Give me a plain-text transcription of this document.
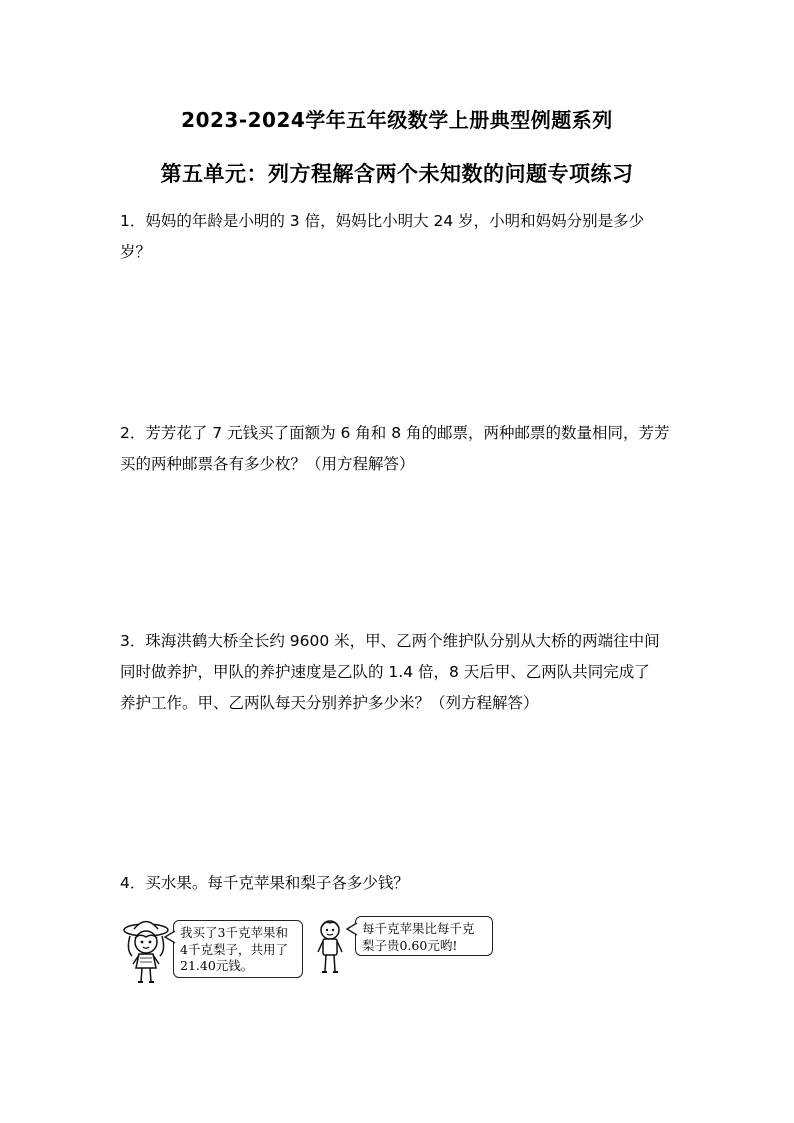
2023-2024学年五年级数学上册典型例题系列
第五单元：列方程解含两个未知数的问题专项练习
1．妈妈的年龄是小明的 3 倍，妈妈比小明大 24 岁，小明和妈妈分别是多少
岁？
2．芳芳花了 7 元钱买了面额为 6 角和 8 角的邮票，两种邮票的数量相同，芳芳
买的两种邮票各有多少枚？（用方程解答）
3．珠海洪鹤大桥全长约 9600 米，甲、乙两个维护队分别从大桥的两端往中间
同时做养护，甲队的养护速度是乙队的 1.4 倍，8 天后甲、乙两队共同完成了
养护工作。甲、乙两队每天分别养护多少米？（列方程解答）
4．买水果。每千克苹果和梨子各多少钱？
我买了3千克苹果和
4千克梨子，共用了
21.40元钱。
每千克苹果比每千克
梨子贵0.60元哟!
